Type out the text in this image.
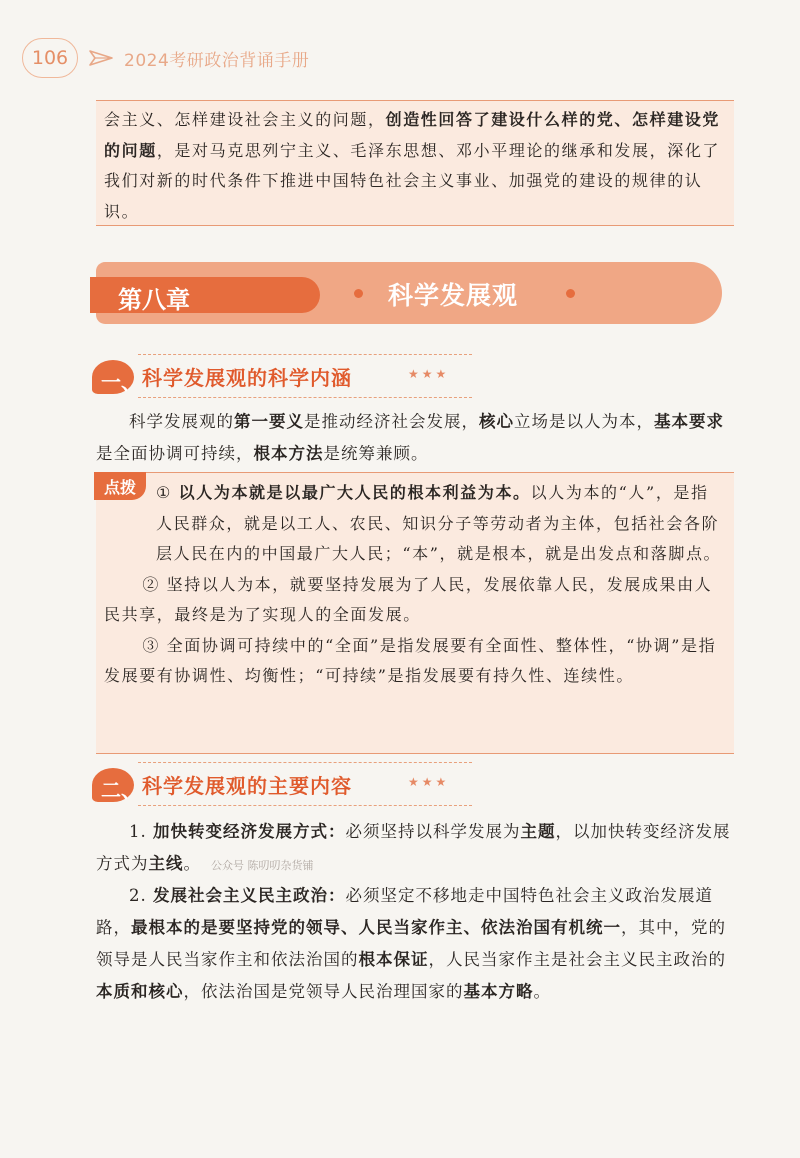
106	2024考研政治背诵手册

会主义、怎样建设社会主义的问题，创造性回答了建设什么样的党、怎样建设党的问题，是对马克思列宁主义、毛泽东思想、邓小平理论的继承和发展，深化了我们对新的时代条件下推进中国特色社会主义事业、加强党的建设的规律的认识。

第八章	科学发展观
一、 科学发展观的科学内涵	★★★

科学发展观的第一要义是推动经济社会发展，核心立场是以人为本，基本要求是全面协调可持续，根本方法是统筹兼顾。

点拨	① 以人为本就是以最广大人民的根本利益为本。以人为本的“人”，是指人民群众，就是以工人、农民、知识分子等劳动者为主体，包括社会各阶层人民在内的中国最广大人民；“本”，就是根本，就是出发点和落脚点。

② 坚持以人为本，就要坚持发展为了人民，发展依靠人民，发展成果由人民共享，最终是为了实现人的全面发展。

③ 全面协调可持续中的“全面”是指发展要有全面性、整体性，“协调”是指发展要有协调性、均衡性；“可持续”是指发展要有持久性、连续性。

二、 科学发展观的主要内容	★★★

1. 加快转变经济发展方式：必须坚持以科学发展为主题，以加快转变经济发展方式为主线。 公众号 陈叨叨杂货铺

2. 发展社会主义民主政治：必须坚定不移地走中国特色社会主义政治发展道路，最根本的是要坚持党的领导、人民当家作主、依法治国有机统一，其中，党的领导是人民当家作主和依法治国的根本保证，人民当家作主是社会主义民主政治的本质和核心，依法治国是党领导人民治理国家的基本方略。
